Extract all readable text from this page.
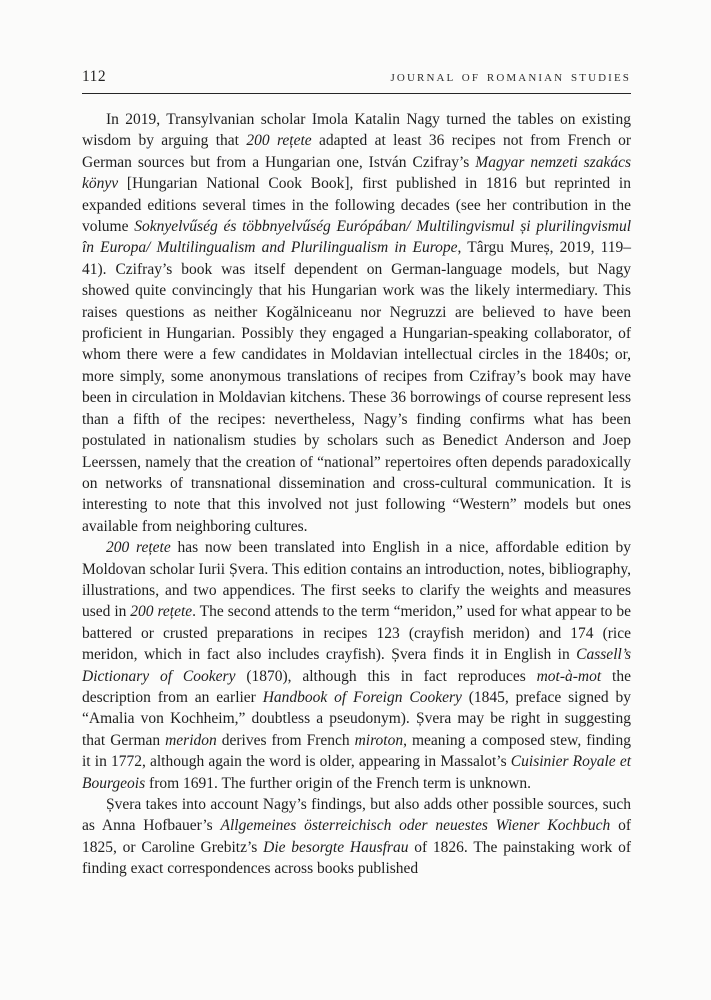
112	JOURNAL OF ROMANIAN STUDIES

In 2019, Transylvanian scholar Imola Katalin Nagy turned the tables on existing wisdom by arguing that 200 rețete adapted at least 36 recipes not from French or German sources but from a Hungarian one, István Czifray’s Magyar nemzeti szakács könyv [Hungarian National Cook Book], first published in 1816 but reprinted in expanded editions several times in the following decades (see her contribution in the volume Soknyelvűség és többnyelvűség Európában/ Multilingvismul și plurilingvismul în Europa/ Multilingualism and Plurilingualism in Europe, Târgu Mureș, 2019, 119–41). Czifray’s book was itself dependent on German-language models, but Nagy showed quite convincingly that his Hungarian work was the likely intermediary. This raises questions as neither Kogălniceanu nor Negruzzi are believed to have been proficient in Hungarian. Possibly they engaged a Hungarian-speaking collaborator, of whom there were a few candidates in Moldavian intellectual circles in the 1840s; or, more simply, some anonymous translations of recipes from Czifray’s book may have been in circulation in Moldavian kitchens. These 36 borrowings of course represent less than a fifth of the recipes: nevertheless, Nagy’s finding confirms what has been postulated in nationalism studies by scholars such as Benedict Anderson and Joep Leerssen, namely that the creation of “national” repertoires often depends paradoxically on networks of transnational dissemination and cross-cultural communication. It is interesting to note that this involved not just following “Western” models but ones available from neighboring cultures.

200 rețete has now been translated into English in a nice, affordable edition by Moldovan scholar Iurii Șvera. This edition contains an introduction, notes, bibliography, illustrations, and two appendices. The first seeks to clarify the weights and measures used in 200 rețete. The second attends to the term “meridon,” used for what appear to be battered or crusted preparations in recipes 123 (crayfish meridon) and 174 (rice meridon, which in fact also includes crayfish). Șvera finds it in English in Cassell’s Dictionary of Cookery (1870), although this in fact reproduces mot-à-mot the description from an earlier Handbook of Foreign Cookery (1845, preface signed by “Amalia von Kochheim,” doubtless a pseudonym). Șvera may be right in suggesting that German meridon derives from French miroton, meaning a composed stew, finding it in 1772, although again the word is older, appearing in Massalot’s Cuisinier Royale et Bourgeois from 1691. The further origin of the French term is unknown.

Șvera takes into account Nagy’s findings, but also adds other possible sources, such as Anna Hofbauer’s Allgemeines österreichisch oder neuestes Wiener Kochbuch of 1825, or Caroline Grebitz’s Die besorgte Hausfrau of 1826. The painstaking work of finding exact correspondences across books published
